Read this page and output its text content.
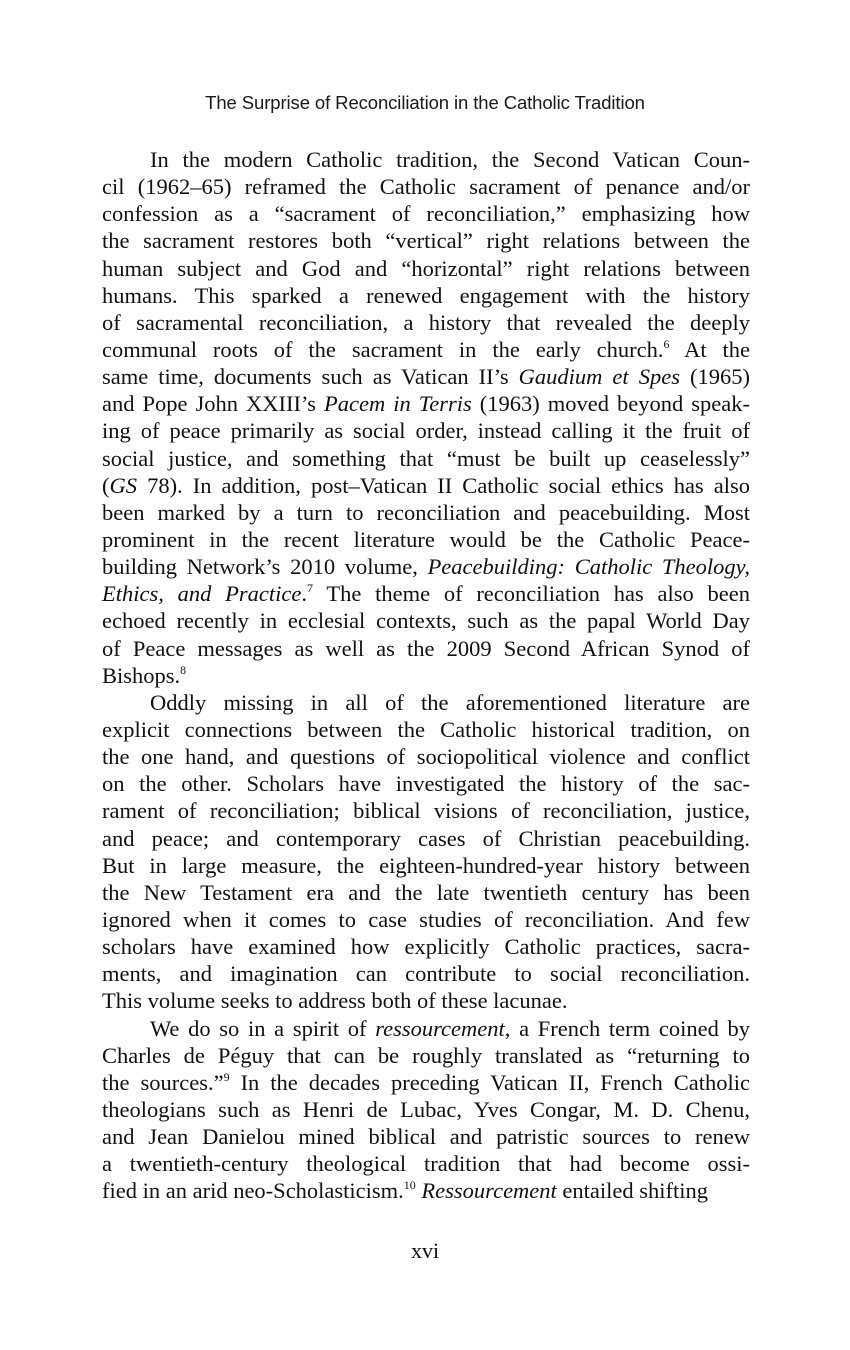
The Surprise of Reconciliation in the Catholic Tradition
In the modern Catholic tradition, the Second Vatican Coun-
cil (1962–65) reframed the Catholic sacrament of penance and/or
confession as a “sacrament of reconciliation,” emphasizing how
the sacrament restores both “vertical” right relations between the
human subject and God and “horizontal” right relations between
humans. This sparked a renewed engagement with the history
of sacramental reconciliation, a history that revealed the deeply
communal roots of the sacrament in the early church.$^6$ At the
same time, documents such as Vatican II’s Gaudium et Spes (1965)
and Pope John XXIII’s Pacem in Terris (1963) moved beyond speak-
ing of peace primarily as social order, instead calling it the fruit of
social justice, and something that “must be built up ceaselessly”
(GS 78). In addition, post–Vatican II Catholic social ethics has also
been marked by a turn to reconciliation and peacebuilding. Most
prominent in the recent literature would be the Catholic Peace-
building Network’s 2010 volume, Peacebuilding: Catholic Theology,
Ethics, and Practice.$^7$ The theme of reconciliation has also been
echoed recently in ecclesial contexts, such as the papal World Day
of Peace messages as well as the 2009 Second African Synod of
Bishops.$^8$
Oddly missing in all of the aforementioned literature are
explicit connections between the Catholic historical tradition, on
the one hand, and questions of sociopolitical violence and conflict
on the other. Scholars have investigated the history of the sac-
rament of reconciliation; biblical visions of reconciliation, justice,
and peace; and contemporary cases of Christian peacebuilding.
But in large measure, the eighteen-hundred-year history between
the New Testament era and the late twentieth century has been
ignored when it comes to case studies of reconciliation. And few
scholars have examined how explicitly Catholic practices, sacra-
ments, and imagination can contribute to social reconciliation.
This volume seeks to address both of these lacunae.
We do so in a spirit of ressourcement, a French term coined by
Charles de Péguy that can be roughly translated as “returning to
the sources.”$^9$ In the decades preceding Vatican II, French Catholic
theologians such as Henri de Lubac, Yves Congar, M. D. Chenu,
and Jean Danielou mined biblical and patristic sources to renew
a twentieth-century theological tradition that had become ossi-
fied in an arid neo-Scholasticism.$^{10}$ Ressourcement entailed shifting
xvi
